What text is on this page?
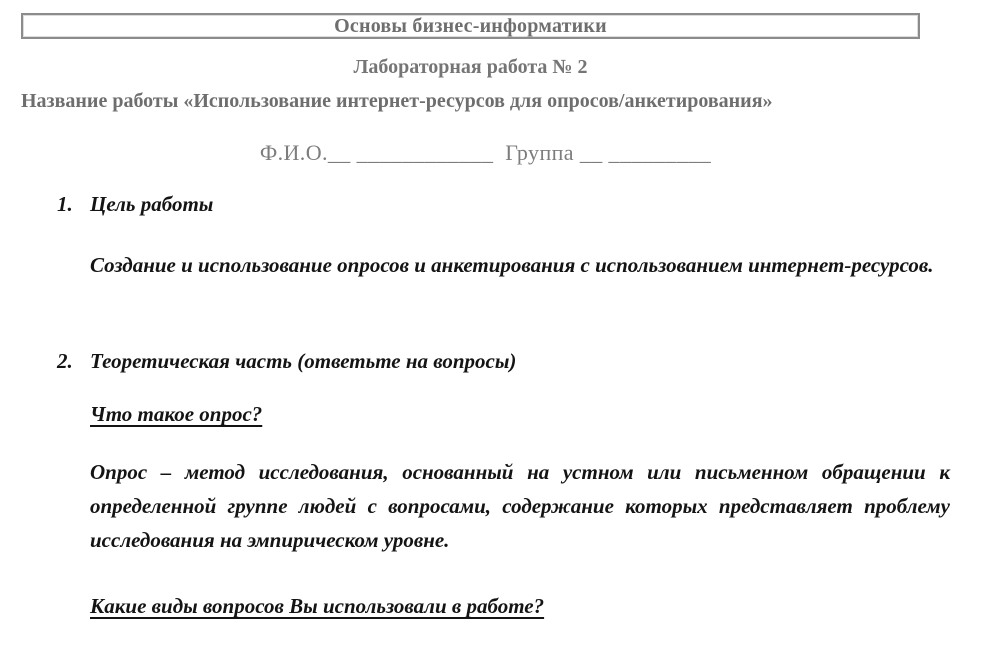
Основы бизнес-информатики
Лабораторная работа № 2
Название работы «Использование интернет-ресурсов для опросов/анкетирования»
Ф.И.О.__ ____________  Группа __ _________
1. Цель работы

Создание и использование опросов и анкетирования с использованием интернет-ресурсов.

2. Теоретическая часть (ответьте на вопросы)
Что такое опрос?

Опрос – метод исследования, основанный на устном или письменном обращении к определенной группе людей с вопросами, содержание которых представляет проблему исследования на эмпирическом уровне.

Какие виды вопросов Вы использовали в работе?
